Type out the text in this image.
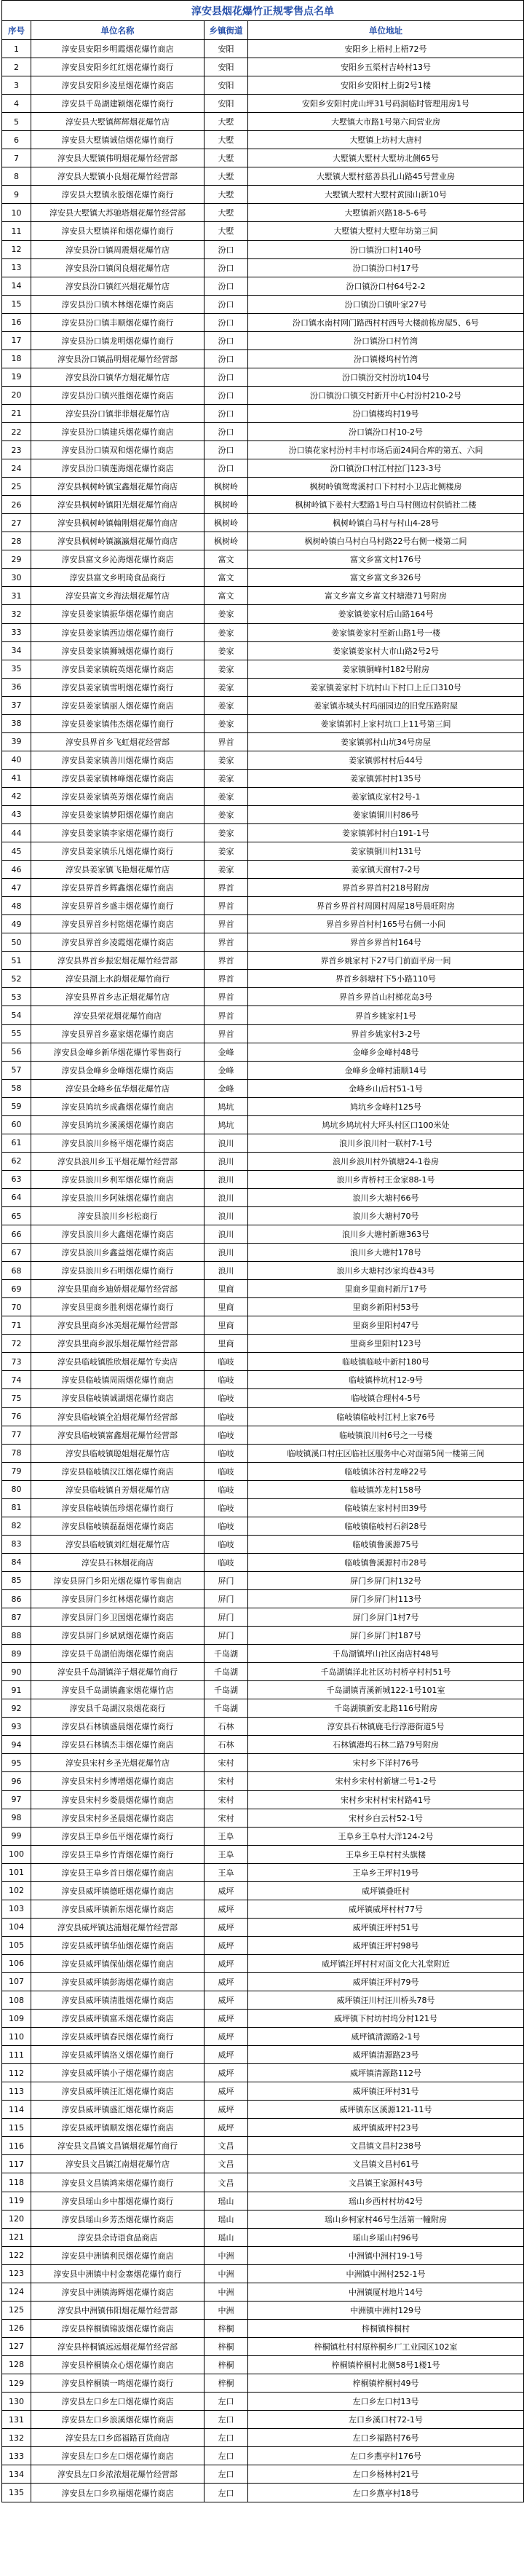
淳安县烟花爆竹正规零售点名单
序号	单位名称	乡镇街道	单位地址
1	淳安县安阳乡明霞烟花爆竹商店	安阳	安阳乡上梧村上梧72号
2	淳安县安阳乡红红烟花爆竹商行	安阳	安阳乡五渠村吉岭村13号
3	淳安县安阳乡凌星烟花爆竹商店	安阳	安阳乡安阳村上街2号1楼
4	淳安县千岛湖建颖烟花爆竹商行	安阳	安阳乡安阳村虎山坪31号码洞临时管理用房1号
5	淳安县大墅镇辉辉烟花爆竹店	大墅	大墅镇大市路1号第六间营业房
6	淳安县大墅镇诚信烟花爆竹商行	大墅	大墅镇上坊村大唐村
7	淳安县大墅镇伟明烟花爆竹经营部	大墅	大墅镇大墅村大墅坊北侧65号
8	淳安县大墅镇小良烟花爆竹经营部	大墅	大墅镇大墅村慈善县孔山路45号营业房
9	淳安县大墅镇永胶烟花爆竹商行	大墅	大墅镇大墅村大墅村黄园山新10号
10	淳安县大墅镇大苏驰塔烟花爆竹经营部	大墅	大墅镇新兴路18-5-6号
11	淳安县大墅镇祥和烟花爆竹商行	大墅	大墅镇大墅村大墅年坊第三间
12	淳安县汾口镇周震烟花爆竹店	汾口	汾口镇汾口村140号
13	淳安县汾口镇闵良烟花爆竹店	汾口	汾口镇汾口村17号
14	淳安县汾口镇红兴烟花爆竹店	汾口	汾口镇汾口村64号2-2
15	淳安县汾口镇木林烟花爆竹商店	汾口	汾口镇汾口镇叶家27号
16	淳安县汾口镇丰顺烟花爆竹商行	汾口	汾口镇水南村网门路西村村西号大楼前栋房屋5、6号
17	淳安县汾口镇龙明烟花爆竹商行	汾口	汾口镇汾口村竹湾
18	淳安县汾口镇晶明烟花爆竹经营部	汾口	汾口镇楼坞村竹湾
19	淳安县汾口镇华方烟花爆竹店	汾口	汾口镇汾交村汾坑104号
20	淳安县汾口镇兴胜烟花爆竹商店	汾口	汾口镇汾口镇交村新开中心村汾村210-2号
21	淳安县汾口镇菲菲烟花爆竹店	汾口	汾口镇楼坞村19号
22	淳安县汾口镇建兵烟花爆竹商店	汾口	汾口镇汾口村10-2号
23	淳安县汾口镇双和烟花爆竹商店	汾口	汾口镇花家村汾村丰村市场后面24间合库的第五、六间
24	淳安县汾口镇莲海烟花爆竹商店	汾口	汾口镇汾口村江村拉门123-3号
25	淳安县枫树岭镇宝鑫烟花爆竹商店	枫树岭	枫树岭镇鸳鸯溪村口下村村小卫店北侧楼房
26	淳安县枫树岭镇阳光烟花爆竹商店	枫树岭	枫树岭镇下姜村大墅路1号白马村侧边村供销社二楼
27	淳安县枫树岭镇翰刚烟花爆竹商店	枫树岭	枫树岭镇白马村与村山4-28号
28	淳安县枫树岭镇瀛瀛烟花爆竹商店	枫树岭	枫树岭镇白马村白马村路22号右侧一楼第二间
29	淳安县富文乡沁海烟花爆竹商店	富文	富文乡富文村176号
30	淳安县富文乡明琦食品商行	富文	富文乡富文乡326号
31	淳安县富文乡海法烟花爆竹店	富文	富文乡富文乡富文村塘港71号附房
32	淳安县姜家镇振华烟花爆竹商店	姜家	姜家镇姜家村后山路164号
33	淳安县姜家镇西边烟花爆竹商行	姜家	姜家镇姜家村至新山路1号一楼
34	淳安县姜家镇狮城烟花爆竹商行	姜家	姜家镇姜家村大市山路2号2号
35	淳安县姜家镇皖英烟花爆竹商店	姜家	姜家镇铜峰村182号附房
36	淳安县姜家镇雪明烟花爆竹商行	姜家	姜家镇姜家村下坑村山下村口上丘口310号
37	淳安县姜家镇丽人烟花爆竹商店	姜家	姜家镇赤城头村玛丽园边的旧党压路附屋
38	淳安县姜家镇伟杰烟花爆竹商行	姜家	姜家镇郭村上家村坑口上11号第三间
39	淳安县界首乡飞虹烟花经营部	界首	姜家镇郭村山坑34号房屋
40	淳安县姜家镇善川烟花爆竹商店	姜家	姜家镇郭村村后44号
41	淳安县姜家镇林峰烟花爆竹商店	姜家	姜家镇郭村村135号
42	淳安县姜家镇英芳烟花爆竹商店	姜家	姜家镇皮家村2号-1
43	淳安县姜家镇梦阳烟花爆竹商店	姜家	姜家镇铜川村86号
44	淳安县姜家镇李家烟花爆竹商行	姜家	姜家镇郭村村白191-1号
45	淳安县姜家镇乐凡烟花爆竹商行	姜家	姜家镇铜川村131号
46	淳安县姜家镇飞艳烟花爆竹店	姜家	姜家镇天窗村7-2号
47	淳安县界首乡辉鑫烟花爆竹商店	界首	界首乡界首村218号附房
48	淳安县界首乡盛丰烟花爆竹商行	界首	界首乡界首村周圆村周屋18号晨旺附房
49	淳安县界首乡村铭烟花爆竹商店	界首	界首乡界首村村165号右侧一小间
50	淳安县界首乡凌霞烟花爆竹商店	界首	界首乡界首村164号
51	淳安县界首乡振宏烟花爆竹经营部	界首	界首乡姚家村下27号门前面平房一间
52	淳安县湖上水韵烟花爆竹商行	界首	界首乡斜塘村下5小路110号
53	淳安县界首乡志正烟花爆竹店	界首	界首乡界首山村梯花岛3号
54	淳安县荣花烟花爆竹商店	界首	界首乡姚家村1号
55	淳安县界首乡嘉家烟花爆竹商店	界首	界首乡姚家村3-2号
56	淳安县金峰乡新华烟花爆竹零售商行	金峰	金峰乡金峰村48号
57	淳安县金峰乡金峰烟花爆竹商店	金峰	金峰乡金峰村浦顺14号
58	淳安县金峰乡伍华烟花爆竹店	金峰	金峰乡山后村51-1号
59	淳安县鸠坑乡成鑫烟花爆竹商店	鸠坑	鸠坑乡金峰村125号
60	淳安县鸠坑乡溪溪烟花爆竹商店	鸠坑	鸠坑乡鸠坑村大坪头村区口100米处
61	淳安县浪川乡杨平烟花爆竹商店	浪川	浪川乡浪川村一联村7-1号
62	淳安县浪川乡玉平烟花爆竹经营部	浪川	浪川乡浪川村外镇塘24-1卷房
63	淳安县浪川乡利军烟花爆竹商店	浪川	浪川乡青桥村王金家88-1号
64	淳安县浪川乡阿妹烟花爆竹商店	浪川	浪川乡大塘村66号
65	淳安县浪川乡杉松商行	浪川	浪川乡大塘村70号
66	淳安县浪川乡大鑫烟花爆竹商店	浪川	浪川乡大塘村新塘363号
67	淳安县浪川乡鑫益烟花爆竹商店	浪川	浪川乡大塘村178号
68	淳安县浪川乡石明烟花爆竹商行	浪川	浪川乡大塘村沙家坞巷43号
69	淳安县里商乡迪娇烟花爆竹经营部	里商	里商乡里商村新厅17号
70	淳安县里商乡胜利烟花爆竹商行	里商	里商乡新阳村53号
71	淳安县里商乡冰美烟花爆竹经营部	里商	里商乡里阳村47号
72	淳安县里商乡淑乐烟花爆竹经营部	里商	里商乡里阳村123号
73	淳安县临岐镇胜欣烟花爆竹专卖店	临岐	临岐镇临岐中新村180号
74	淳安县临岐镇周雨烟花爆竹商店	临岐	临岐镇梓坑村12-9号
75	淳安县临岐镇诚湖烟花爆竹商店	临岐	临岐镇合理村4-5号
76	淳安县临岐镇全泊烟花爆竹经营部	临岐	临岐镇临岐村江村上家76号
77	淳安县临岐镇富鑫烟花爆竹经营部	临岐	临岐镇浪川村6号之一号楼
78	淳安县临岐镇聪姐烟花爆竹店	临岐	临岐镇溪口村庄区临社区服务中心对面第5间一楼第三间
79	淳安县临岐镇汉江烟花爆竹商店	临岐	临岐镇沐谷村龙峰22号
80	淳安县临岐镇自芳烟花爆竹店	临岐	临岐镇苏龙村158号
81	淳安县临岐镇伍珍烟花爆竹商行	临岐	临岐镇左家村村田39号
82	淳安县临岐镇磊磊烟花爆竹商店	临岐	临岐镇临岐村石斜28号
83	淳安县临岐镇刘红烟花爆竹店	临岐	临岐镇鲁溪源75号
84	淳安县石林烟花商店	临岐	临岐镇鲁溪源村市28号
85	淳安县屏门乡阳光烟花爆竹零售商店	屏门	屏门乡屏门村132号
86	淳安县屏门乡红林烟花爆竹商店	屏门	屏门乡屏门村113号
87	淳安县屏门乡卫国烟花爆竹商店	屏门	屏门乡屏门1村7号
88	淳安县屏门乡斌斌烟花爆竹商店	屏门	屏门乡屏门村187号
89	淳安县千岛湖伯海烟花爆竹商店	千岛湖	千岛湖镇坪山社区南店村48号
90	淳安县千岛湖镇洋子烟花爆竹商行	千岛湖	千岛湖镇洋北社区坊村桥亭村村51号
91	淳安县千岛湖镇鑫家烟花爆竹店	千岛湖	千岛湖镇青溪新城122-1号101室
92	淳安县千岛湖汉泉烟花商行	千岛湖	千岛湖镇新安北路116号附房
93	淳安县石林镇盛晨烟花爆竹商行	石林	淳安县石林镇鹿毛行淳港街道5号
94	淳安县石林镇杰丰烟花爆竹商店	石林	石林镇港坞石林二路79号附房
95	淳安县宋村乡圣光烟花爆竹店	宋村	宋村乡下洋村76号
96	淳安县宋村乡博增烟花爆竹商店	宋村	宋村乡宋村村新塘二号1-2号
97	淳安县宋村乡娄晨烟花爆竹商店	宋村	宋村乡宋村村宋村路41号
98	淳安县宋村乡圣晨烟花爆竹商店	宋村	宋村乡白云村52-1号
99	淳安县王阜乡伍平烟花爆竹商行	王阜	王阜乡王阜村大洋124-2号
100	淳安县王阜乡竹青烟花爆竹商行	王阜	王阜乡王阜村村头旗楼
101	淳安县王阜乡首日烟花爆竹商店	王阜	王阜乡王坪村19号
102	淳安县威坪镇德旺烟花爆竹商店	威坪	威坪镇叠旺村
103	淳安县威坪镇新东烟花爆竹商店	威坪	威坪镇威坪村村77号
104	淳安县威坪镇达浦烟花爆竹经营部	威坪	威坪镇汪坪村51号
105	淳安县威坪镇华仙烟花爆竹商店	威坪	威坪镇汪坪村98号
106	淳安县威坪镇保仙烟花爆竹商店	威坪	威坪镇汪坪村村对面文化大礼堂附近
107	淳安县威坪镇彭海烟花爆竹商店	威坪	威坪镇汪坪村79号
108	淳安县威坪镇清胜烟花爆竹商店	威坪	威坪镇汪川村汪川桥头78号
109	淳安县威坪镇富禾烟花爆竹商店	威坪	威坪镇下村坊村坞分村121号
110	淳安县威坪镇春民烟花爆竹商行	威坪	威坪镇清源路2-1号
111	淳安县威坪镇洛义烟花爆竹商行	威坪	威坪镇清源路23号
112	淳安县威坪镇小子烟花爆竹商店	威坪	威坪镇清源路112号
113	淳安县威坪镇汪汇烟花爆竹商店	威坪	威坪镇汪坪村31号
114	淳安县威坪镇盛汇烟花爆竹商店	威坪	威坪镇东区溪源121-11号
115	淳安县威坪镇顺发烟花爆竹商店	威坪	威坪镇威坪村23号
116	淳安县文昌镇文昌镇烟花爆竹商行	文昌	文昌镇文昌村238号
117	淳安县文昌镇江南烟花爆竹店	文昌	文昌镇文昌村61号
118	淳安县文昌镇鸿来烟花爆竹商行	文昌	文昌镇王家源村43号
119	淳安县瑶山乡中都烟花爆竹商行	瑶山	瑶山乡西村村坊42号
120	淳安县瑶山乡芳杰烟花爆竹商店	瑶山	瑶山乡柯家村46号生活第一幢附房
121	淳安县余诗语食品商店	瑶山	瑶山乡瑶山村96号
122	淳安县中洲镇利民烟花爆竹商店	中洲	中洲镇中洲村19-1号
123	淳安县中洲镇中村金寨烟花爆竹商行	中洲	中洲镇中洲村252-1号
124	淳安县中洲镇海辉烟花爆竹商店	中洲	中洲镇厦村地片14号
125	淳安县中洲镇伟阳烟花爆竹经营部	中洲	中洲镇中洲村129号
126	淳安县梓桐镇锦波烟花爆竹商店	梓桐	梓桐镇梓桐村
127	淳安县梓桐镇远远烟花爆竹经营部	梓桐	梓桐镇杜村村原梓桐乡厂工业园区102室
128	淳安县梓桐镇众心烟花爆竹商店	梓桐	梓桐镇梓桐村北侧58号1楼1号
129	淳安县梓桐镇一鸣烟花爆竹商行	梓桐	梓桐镇梓桐村49号
130	淳安县左口乡左口烟花爆竹商店	左口	左口乡左口村13号
131	淳安县左口乡浪溪烟花爆竹商店	左口	左口乡溪口村72-1号
132	淳安县左口乡邱福路百货商店	左口	左口乡福路村76号
133	淳安县左口乡左口烟花爆竹商店	左口	左口乡燕亭村176号
134	淳安县左口乡浓浓烟花爆竹经营部	左口	左口乡杨林村21号
135	淳安县左口乡玖福烟花爆竹商店	左口	左口乡燕亭村18号
